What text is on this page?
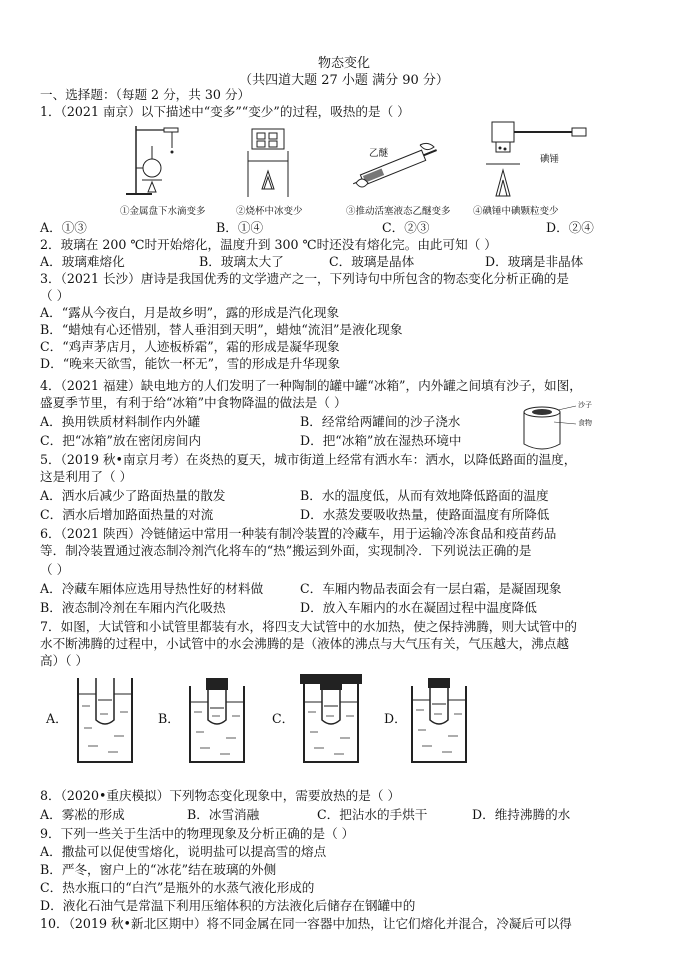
物态变化
（共四道大题 27 小题 满分 90 分）
一、选择题：（每题 2 分，共 30 分）
1．（2021 南京）以下描述中“变多”“变少”的过程，吸热的是（ ）
①金属盘下水滴变多	②烧杯中冰变少
乙醚
③推动活塞液态乙醚变多
碘锤
④碘锤中碘颗粒变少
A．①③	B．①④	C．②③	D．②④
2．玻璃在 200 ℃时开始熔化，温度升到 300 ℃时还没有熔化完。由此可知（ ）
A．玻璃难熔化	B．玻璃太大了	C．玻璃是晶体	D．玻璃是非晶体
3．（2021 长沙）唐诗是我国优秀的文学遗产之一，下列诗句中所包含的物态变化分析正确的是
（ ）
A．“露从今夜白，月是故乡明”，露的形成是汽化现象
B．“蜡烛有心还惜别，替人垂泪到天明”，蜡烛“流泪”是液化现象
C．“鸡声茅店月，人迹板桥霜”，霜的形成是凝华现象
D．“晚来天欲雪，能饮一杯无”，雪的形成是升华现象
4．（2021 福建）缺电地方的人们发明了一种陶制的罐中罐“冰箱”，内外罐之间填有沙子，如图，
盛夏季节里，有利于给“冰箱”中食物降温的做法是（ ）
A．换用铁质材料制作内外罐	B．经常给两罐间的沙子浇水
C．把“冰箱”放在密闭房间内	D．把“冰箱”放在湿热环境中
沙子
食物
5．（2019 秋•南京月考）在炎热的夏天，城市街道上经常有洒水车：洒水，以降低路面的温度，
这是利用了（ ）
A．洒水后减少了路面热量的散发	B．水的温度低，从而有效地降低路面的温度
C．洒水后增加路面热量的对流	D．水蒸发要吸收热量，使路面温度有所降低
6．（2021 陕西）冷链储运中常用一种装有制冷装置的冷藏车，用于运输冷冻食品和疫苗药品
等．制冷装置通过液态制冷剂汽化将车的“热”搬运到外面，实现制冷．下列说法正确的是
（ ）
A．冷藏车厢体应选用导热性好的材料做	C．车厢内物品表面会有一层白霜，是凝固现象
B．液态制冷剂在车厢内汽化吸热	D．放入车厢内的水在凝固过程中温度降低
7．如图，大试管和小试管里都装有水，将四支大试管中的水加热，使之保持沸腾，则大试管中的
水不断沸腾的过程中，小试管中的水会沸腾的是（液体的沸点与大气压有关，气压越大，沸点越
高）（ ）
A．	B．	C．	D．
8．（2020•重庆模拟）下列物态变化现象中，需要放热的是（ ）
A．雾凇的形成	B．冰雪消融	C．把沾水的手烘干	D．维持沸腾的水
9．下列一些关于生活中的物理现象及分析正确的是（ ）
A．撒盐可以促使雪熔化，说明盐可以提高雪的熔点
B．严冬，窗户上的“冰花”结在玻璃的外侧
C．热水瓶口的“白汽”是瓶外的水蒸气液化形成的
D．液化石油气是常温下利用压缩体积的方法液化后储存在钢罐中的
10．（2019 秋•新北区期中）将不同金属在同一容器中加热，让它们熔化并混合，冷凝后可以得
